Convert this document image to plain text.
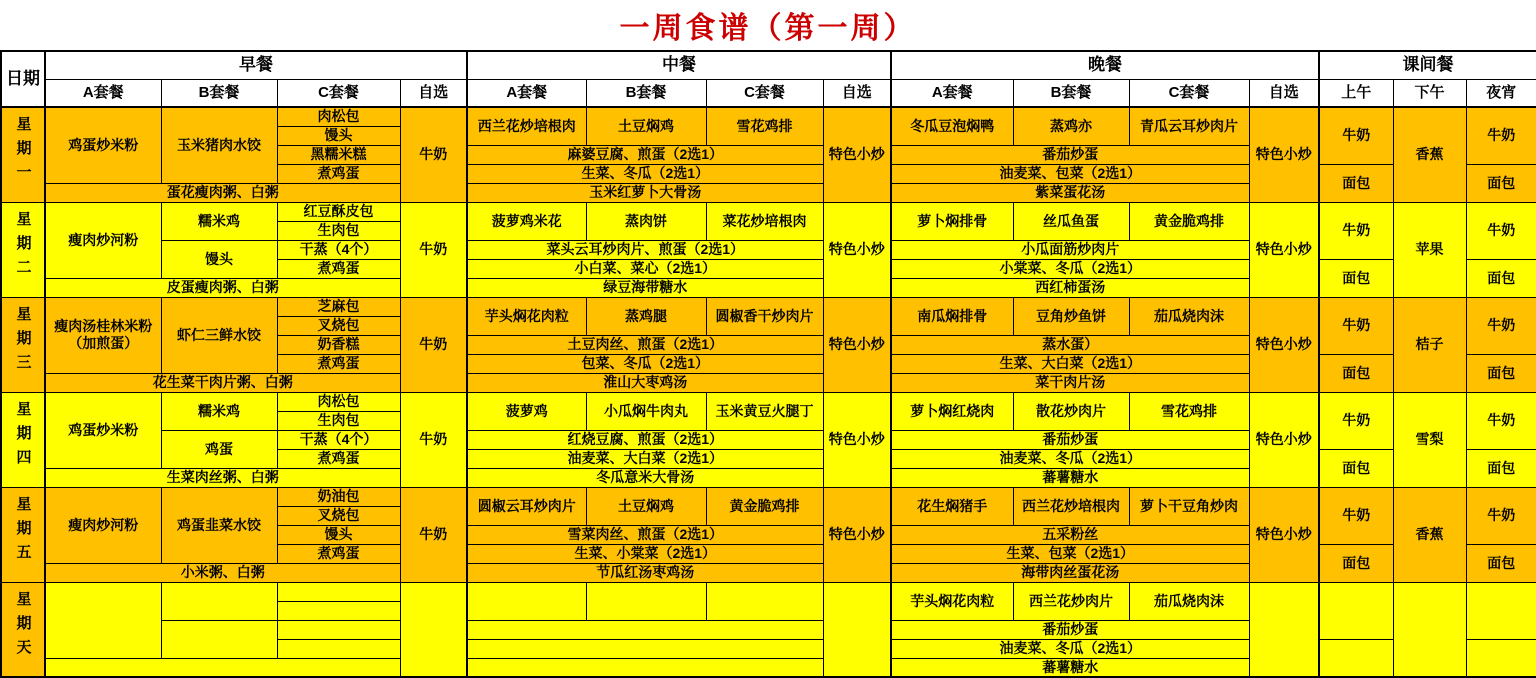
一周食谱（第一周）
日期	早餐				中餐				晚餐				课间餐		
	A套餐	B套餐	C套餐	自选	A套餐	B套餐	C套餐	自选	A套餐	B套餐	C套餐	自选	上午	下午	夜宵
星期一	鸡蛋炒米粉	玉米猪肉水饺	肉松包	牛奶	西兰花炒培根肉	土豆焖鸡	雪花鸡排	特色小炒	冬瓜豆泡焖鸭	蒸鸡亦	青瓜云耳炒肉片	特色小炒	牛奶	香蕉	牛奶
			馒头												
			黑糯米糕		麻婆豆腐、煎蛋（2选1）				番茄炒蛋						
			煮鸡蛋		生菜、冬瓜（2选1）				油麦菜、包菜（2选1）				面包		面包
	蛋花瘦肉粥、白粥				玉米红萝卜大骨汤				紫菜蛋花汤						
星期二	瘦肉炒河粉	糯米鸡	红豆酥皮包	牛奶	菠萝鸡米花	蒸肉饼	菜花炒培根肉	特色小炒	萝卜焖排骨	丝瓜鱼蛋	黄金脆鸡排	特色小炒	牛奶	苹果	牛奶
			生肉包												
		馒头	干蒸（4个）		菜头云耳炒肉片、煎蛋（2选1）				小瓜面筋炒肉片						
			煮鸡蛋		小白菜、菜心（2选1）				小棠菜、冬瓜（2选1）				面包		面包
	皮蛋瘦肉粥、白粥				绿豆海带糖水				西红柿蛋汤						
星期三	瘦肉汤桂林米粉（加煎蛋）	虾仁三鲜水饺	芝麻包	牛奶	芋头焖花肉粒	蒸鸡腿	圆椒香干炒肉片	特色小炒	南瓜焖排骨	豆角炒鱼饼	茄瓜烧肉沫	特色小炒	牛奶	桔子	牛奶
			叉烧包												
			奶香糕		土豆肉丝、煎蛋（2选1）				蒸水蛋）						
			煮鸡蛋		包菜、冬瓜（2选1）				生菜、大白菜（2选1）				面包		面包
	花生菜干肉片粥、白粥				淮山大枣鸡汤				菜干肉片汤						
星期四	鸡蛋炒米粉	糯米鸡	肉松包	牛奶	菠萝鸡	小瓜焖牛肉丸	玉米黄豆火腿丁	特色小炒	萝卜焖红烧肉	散花炒肉片	雪花鸡排	特色小炒	牛奶	雪梨	牛奶
			生肉包												
		鸡蛋	干蒸（4个）		红烧豆腐、煎蛋（2选1）				番茄炒蛋						
			煮鸡蛋		油麦菜、大白菜（2选1）				油麦菜、冬瓜（2选1）				面包		面包
	生菜肉丝粥、白粥				冬瓜意米大骨汤				蕃薯糖水						
星期五	瘦肉炒河粉	鸡蛋韭菜水饺	奶油包	牛奶	圆椒云耳炒肉片	土豆焖鸡	黄金脆鸡排	特色小炒	花生焖猪手	西兰花炒培根肉	萝卜干豆角炒肉	特色小炒	牛奶	香蕉	牛奶
			叉烧包												
			馒头		雪菜肉丝、煎蛋（2选1）				五采粉丝						
			煮鸡蛋		生菜、小棠菜（2选1）				生菜、包菜（2选1）				面包		面包
	小米粥、白粥				节瓜红汤枣鸡汤				海带肉丝蛋花汤						
星期天									芋头焖花肉粒	西兰花炒肉片	茄瓜烧肉沫				

									番茄炒蛋						
									油麦菜、冬瓜（2选1）						
									蕃薯糖水						
